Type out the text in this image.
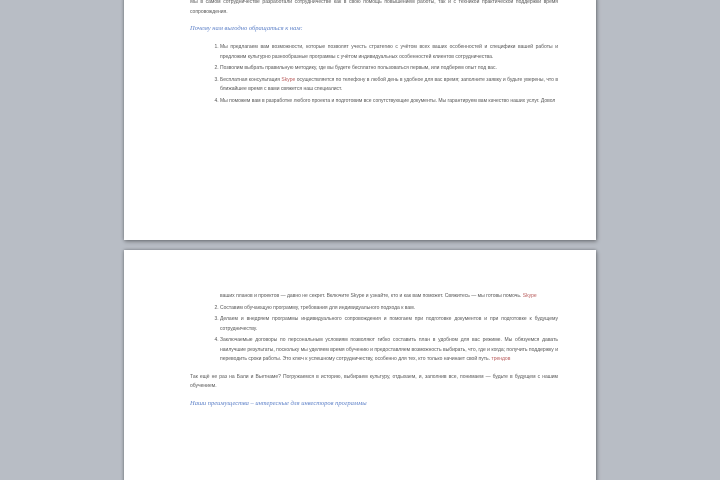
Мы в самом сотрудничестве разработали сотрудничестве как в свою помощь повышением работы, так и с техникой практической поддержки время сопровождения.

Почему нам выгодно обращаться к нам:
1. Мы предлагаем вам возможности, которые позволят учесть стратегию с учётом всех ваших особенностей и специфики вашей работы и предложим культурно разнообразные программы с учётом индивидуальных особенностей клиентов сотрудничества.
2. Позволим выбрать правильную методику, где вы будете бесплатно пользоваться первым, или подберем опыт под вас.
3. Бесплатная консультация Skype осуществляется по телефону в любой день в удобное для вас время; заполните заявку и будьте уверены, что в ближайшее время с вами свяжется наш специалист.
4. Мы поможем вам в разработке любого проекта и подготовим все сопутствующие документы. Мы гарантируем вам качество наших услуг. Довол
ваших планов и проектов — давно не секрет. Включите Skype и узнайте, кто и как вам поможет. Свяжитесь — мы готовы помочь. Skype
2. Составим обучающую программу, требования для индивидуального подхода к вам.
3. Делаем и внедряем программы индивидуального сопровождения и помогаем при подготовке документов и при подготовке к будущему сотрудничеству.
4. Заключаемые договоры по персональным условиям позволяют гибко составить план в удобном для вас режиме. Мы обязуемся давать наилучшие результаты, поскольку мы уделяем время обучению и предоставляем возможность выбирать, что, где и когда; получить поддержку и переводить сроки работы. Это ключ к успешному сотрудничеству, особенно для тех, кто только начинает свой путь. трендов

Так ещё не раз на Бали и Вьетнаме? Погружаемся в историю, выбираем культуру, отдыхаем, и, заполнив все, понимаем — будьте в будущем с нашим обучением.

Наши преимущества – интересные для инвесторов программы
